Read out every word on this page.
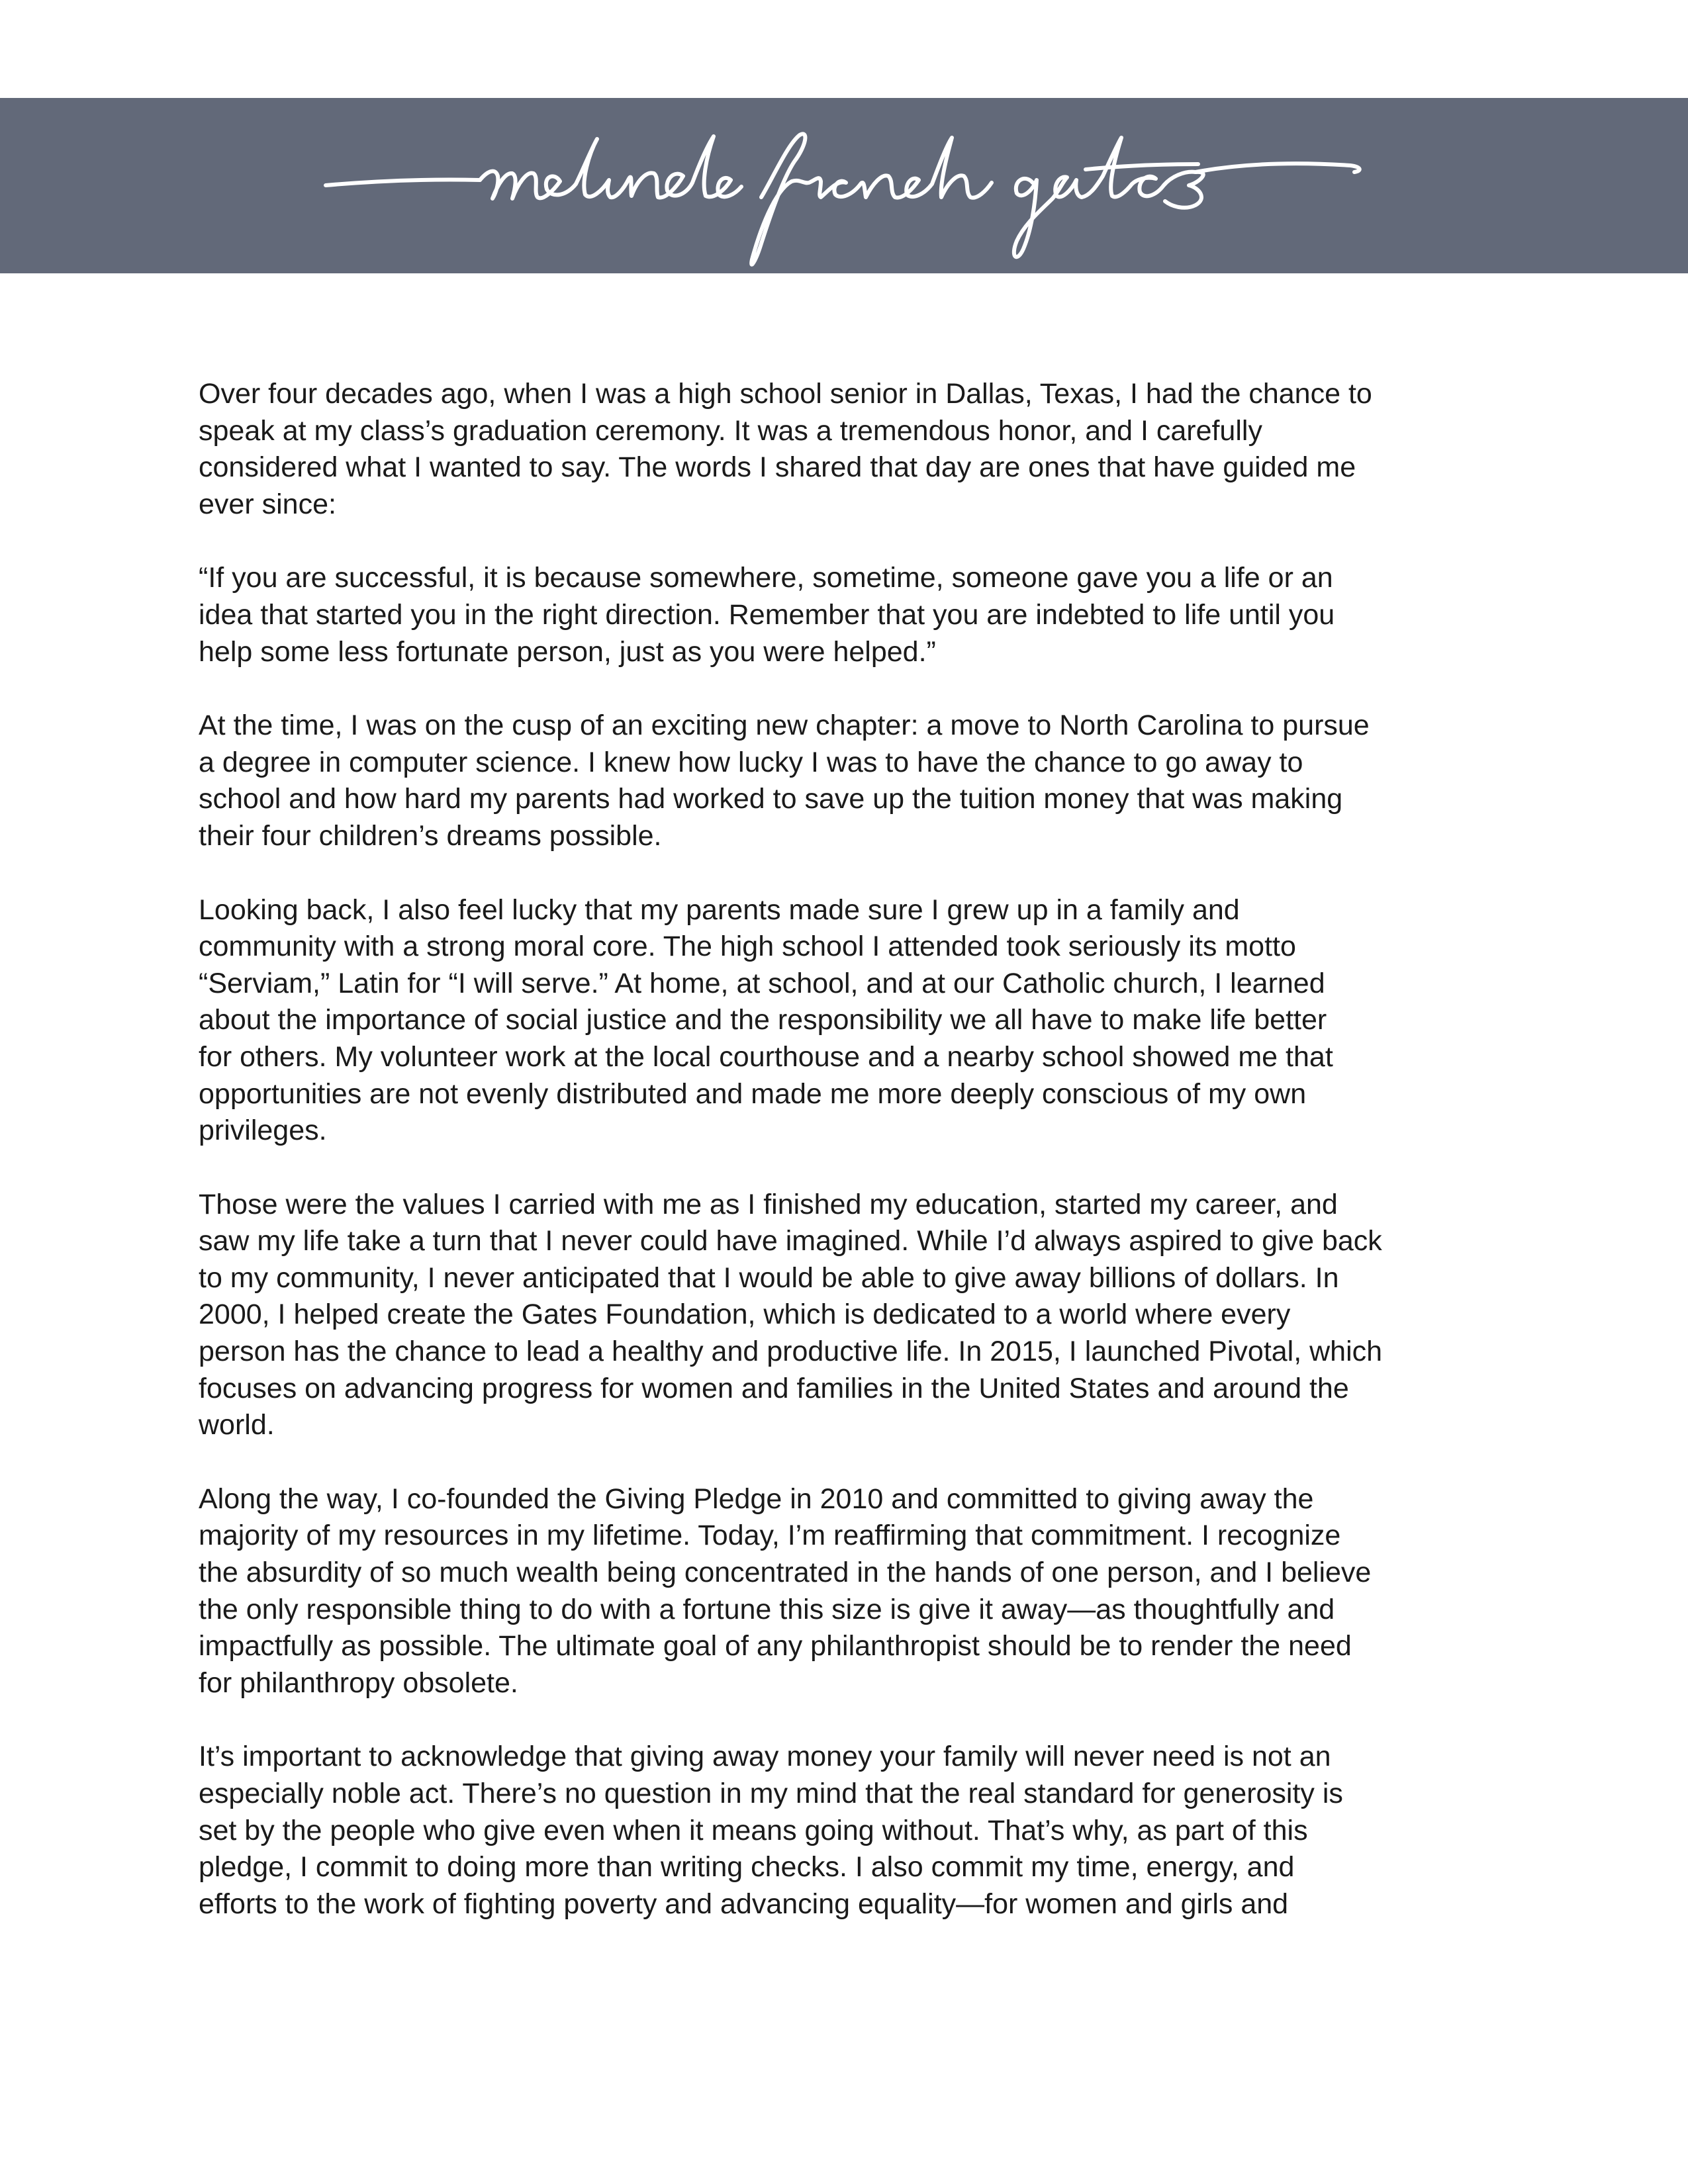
Over four decades ago, when I was a high school senior in Dallas, Texas, I had the chance to
speak at my class’s graduation ceremony. It was a tremendous honor, and I carefully
considered what I wanted to say. The words I shared that day are ones that have guided me
ever since:

“If you are successful, it is because somewhere, sometime, someone gave you a life or an
idea that started you in the right direction. Remember that you are indebted to life until you
help some less fortunate person, just as you were helped.”

At the time, I was on the cusp of an exciting new chapter: a move to North Carolina to pursue
a degree in computer science. I knew how lucky I was to have the chance to go away to
school and how hard my parents had worked to save up the tuition money that was making
their four children’s dreams possible.

Looking back, I also feel lucky that my parents made sure I grew up in a family and
community with a strong moral core. The high school I attended took seriously its motto
“Serviam,” Latin for “I will serve.” At home, at school, and at our Catholic church, I learned
about the importance of social justice and the responsibility we all have to make life better
for others. My volunteer work at the local courthouse and a nearby school showed me that
opportunities are not evenly distributed and made me more deeply conscious of my own
privileges.

Those were the values I carried with me as I finished my education, started my career, and
saw my life take a turn that I never could have imagined. While I’d always aspired to give back
to my community, I never anticipated that I would be able to give away billions of dollars. In
2000, I helped create the Gates Foundation, which is dedicated to a world where every
person has the chance to lead a healthy and productive life. In 2015, I launched Pivotal, which
focuses on advancing progress for women and families in the United States and around the
world.

Along the way, I co-founded the Giving Pledge in 2010 and committed to giving away the
majority of my resources in my lifetime. Today, I’m reaffirming that commitment. I recognize
the absurdity of so much wealth being concentrated in the hands of one person, and I believe
the only responsible thing to do with a fortune this size is give it away—as thoughtfully and
impactfully as possible. The ultimate goal of any philanthropist should be to render the need
for philanthropy obsolete.

It’s important to acknowledge that giving away money your family will never need is not an
especially noble act. There’s no question in my mind that the real standard for generosity is
set by the people who give even when it means going without. That’s why, as part of this
pledge, I commit to doing more than writing checks. I also commit my time, energy, and
efforts to the work of fighting poverty and advancing equality—for women and girls and
